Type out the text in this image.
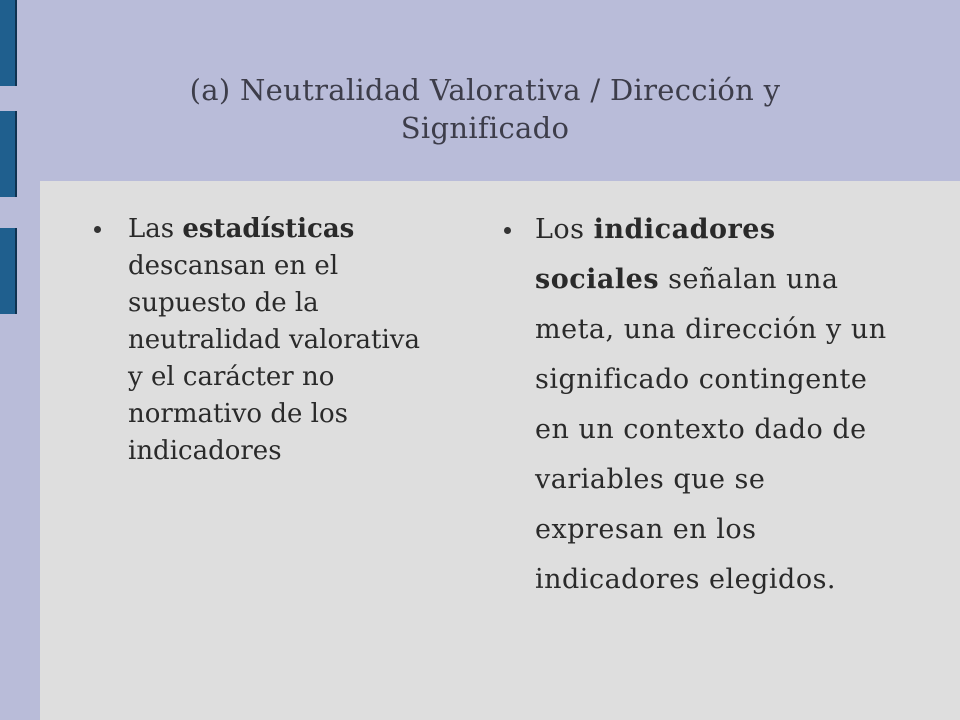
(a) Neutralidad Valorativa / Dirección y Significado
Las estadísticas descansan en el supuesto de la neutralidad valorativa y el carácter no normativo de los indicadores
Los indicadores sociales señalan una meta, una dirección y un significado contingente en un contexto dado de variables que se expresan en los indicadores elegidos.
